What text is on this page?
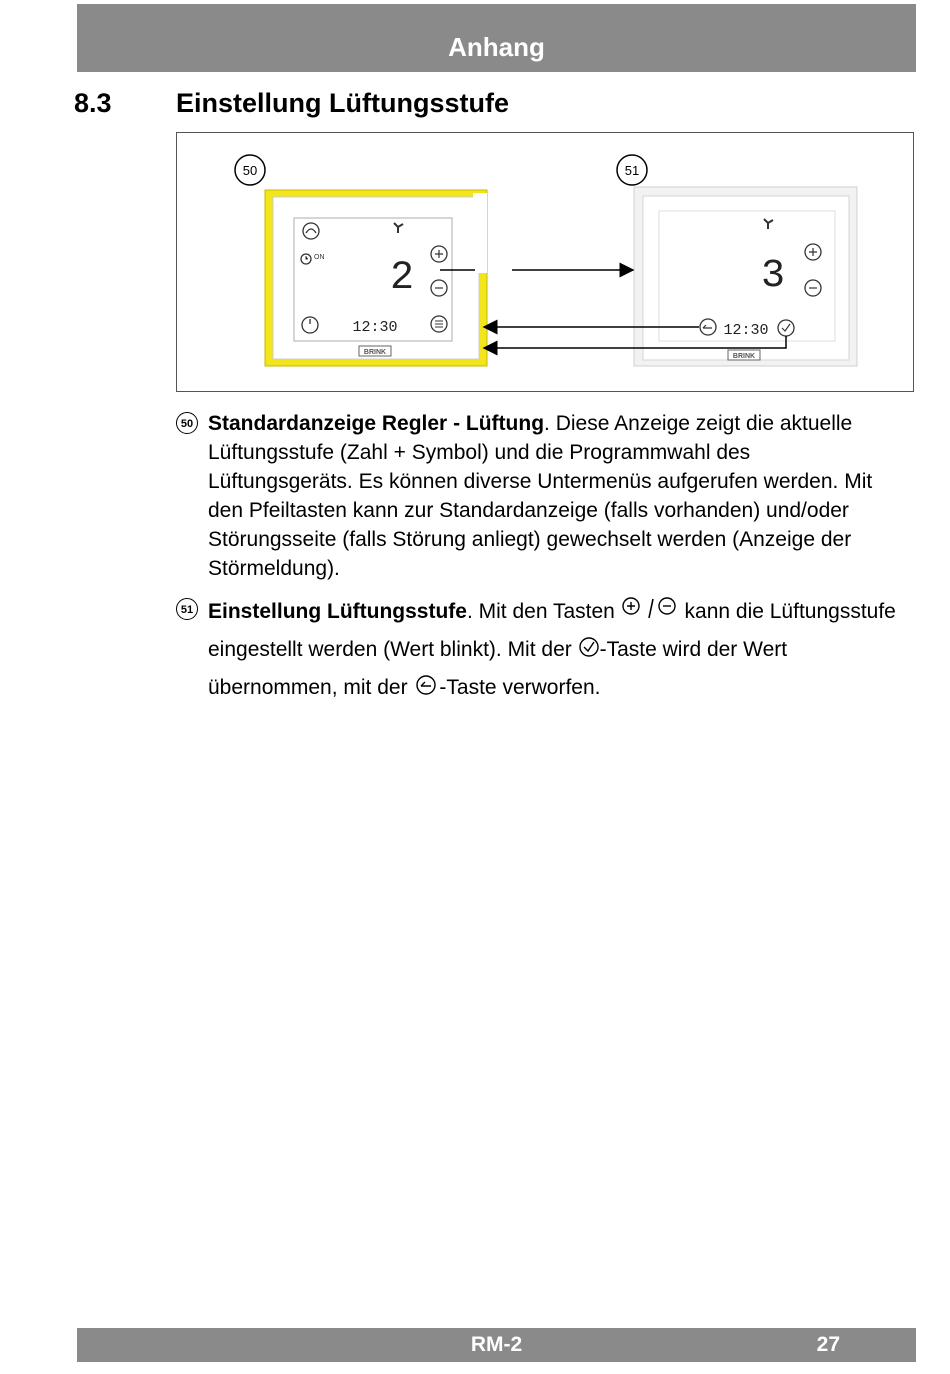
Anhang
8.3 Einstellung Lüftungsstufe
50	51
ON 2
12:30
BRINK
3
12:30
BRINK
50 Standardanzeige Regler - Lüftung. Diese Anzeige zeigt die aktuelle Lüftungsstufe (Zahl + Symbol) und die Programmwahl des Lüftungsgeräts. Es können diverse Untermenüs aufgerufen werden. Mit den Pfeiltasten kann zur Standardanzeige (falls vorhanden) und/oder Störungsseite (falls Störung anliegt) gewechselt werden (Anzeige der Störmeldung).
51 Einstellung Lüftungsstufe. Mit den Tasten	kann die Lüftungsstufe eingestellt werden (Wert blinkt). Mit der -Taste wird der Wert übernommen, mit der -Taste verworfen.
RM-2	27
